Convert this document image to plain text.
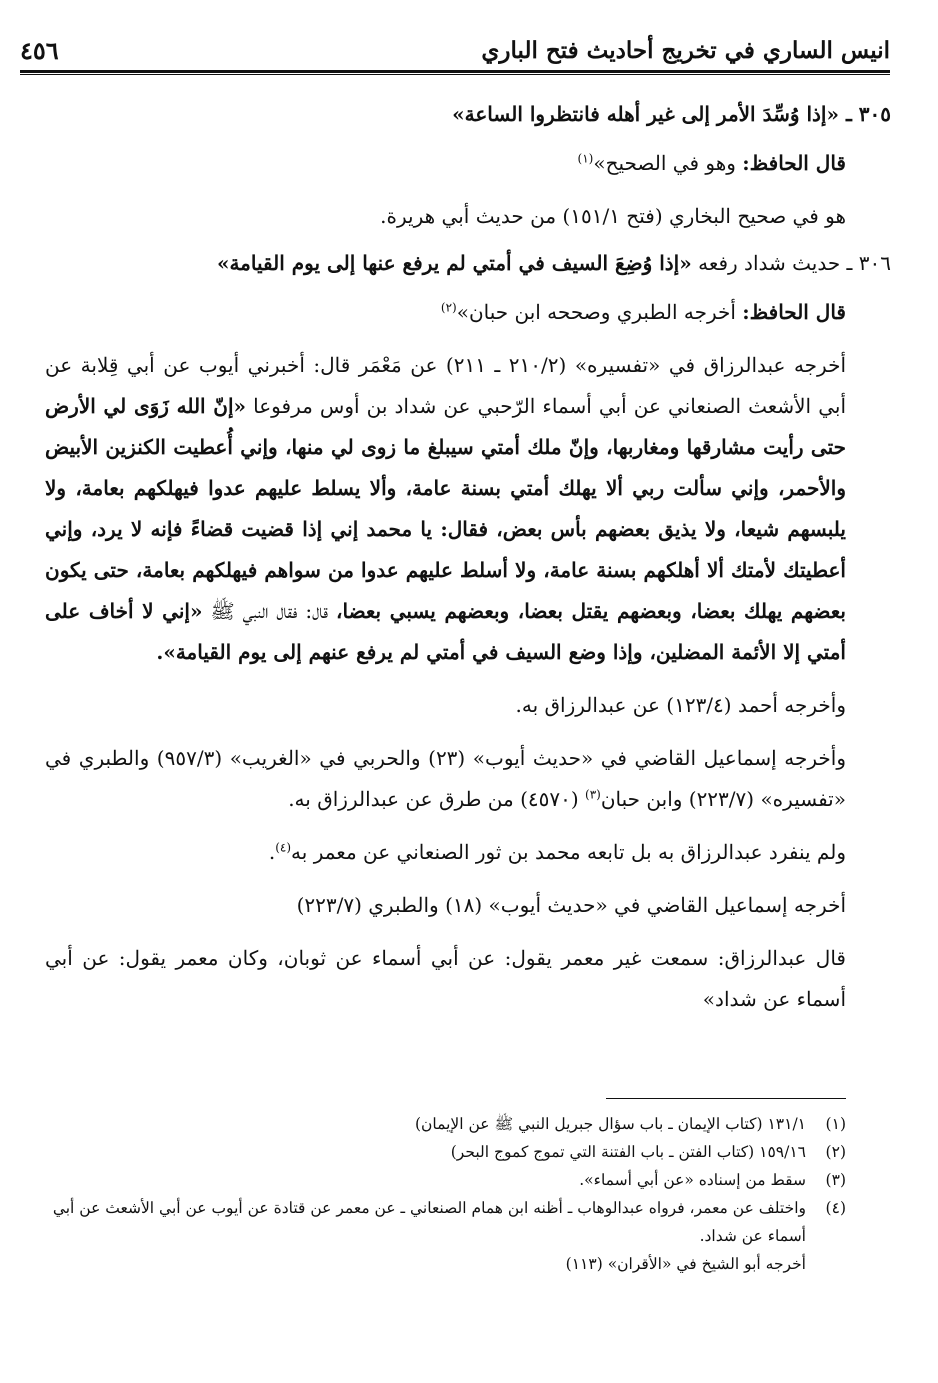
انيس الساري في تخريج أحاديث فتح الباري
٤٥٦

٣٠٥ ـ «إذا وُسِّدَ الأمر إلى غير أهله فانتظروا الساعة»

قال الحافظ: وهو في الصحيح»$^{(١)}$

هو في صحيح البخاري (فتح ١٥١/١) من حديث أبي هريرة.

٣٠٦ ـ حديث شداد رفعه «إذا وُضِعَ السيف في أمتي لم يرفع عنها إلى يوم القيامة»

قال الحافظ: أخرجه الطبري وصححه ابن حبان»$^{(٢)}$

أخرجه عبدالرزاق في «تفسيره» (٢١٠/٢ ـ ٢١١) عن مَعْمَر قال: أخبرني أيوب عن أبي قِلابة عن أبي الأشعث الصنعاني عن أبي أسماء الرّحبي عن شداد بن أوس مرفوعا «إنّ الله زَوَى لي الأرض حتى رأيت مشارقها ومغاربها، وإنّ ملك أمتي سيبلغ ما زوى لي منها، وإني أُعطيت الكنزين الأبيض والأحمر، وإني سألت ربي ألا يهلك أمتي بسنة عامة، وألا يسلط عليهم عدوا فيهلكهم بعامة، ولا يلبسهم شيعا، ولا يذيق بعضهم بأس بعض، فقال: يا محمد إني إذا قضيت قضاءً فإنه لا يرد، وإني أعطيتك لأمتك ألا أهلكهم بسنة عامة، ولا أسلط عليهم عدوا من سواهم فيهلكهم بعامة، حتى يكون بعضهم يهلك بعضا، وبعضهم يقتل بعضا، وبعضهم يسبي بعضا، قال: فقال النبي ﷺ «إني لا أخاف على أمتي إلا الأئمة المضلين، وإذا وضع السيف في أمتي لم يرفع عنهم إلى يوم القيامة».

وأخرجه أحمد (١٢٣/٤) عن عبدالرزاق به.

وأخرجه إسماعيل القاضي في «حديث أيوب» (٢٣) والحربي في «الغريب» (٩٥٧/٣) والطبري في «تفسيره» (٢٢٣/٧) وابن حبان$^{(٣)}$ (٤٥٧٠) من طرق عن عبدالرزاق به.

ولم ينفرد عبدالرزاق به بل تابعه محمد بن ثور الصنعاني عن معمر به$^{(٤)}$.

أخرجه إسماعيل القاضي في «حديث أيوب» (١٨) والطبري (٢٢٣/٧)

قال عبدالرزاق: سمعت غير معمر يقول: عن أبي أسماء عن ثوبان، وكان معمر يقول: عن أبي أسماء عن شداد»

(١)
١٣١/١ (كتاب الإيمان ـ باب سؤال جبريل النبي ﷺ عن الإيمان)
(٢)
١٥٩/١٦ (كتاب الفتن ـ باب الفتنة التي تموج كموج البحر)
(٣)
سقط من إسناده «عن أبي أسماء».
(٤)
واختلف عن معمر، فرواه عبدالوهاب ـ أظنه ابن همام الصنعاني ـ عن معمر عن قتادة عن أيوب عن أبي الأشعث عن أبي أسماء عن شداد.
أخرجه أبو الشيخ في «الأقران» (١١٣)
